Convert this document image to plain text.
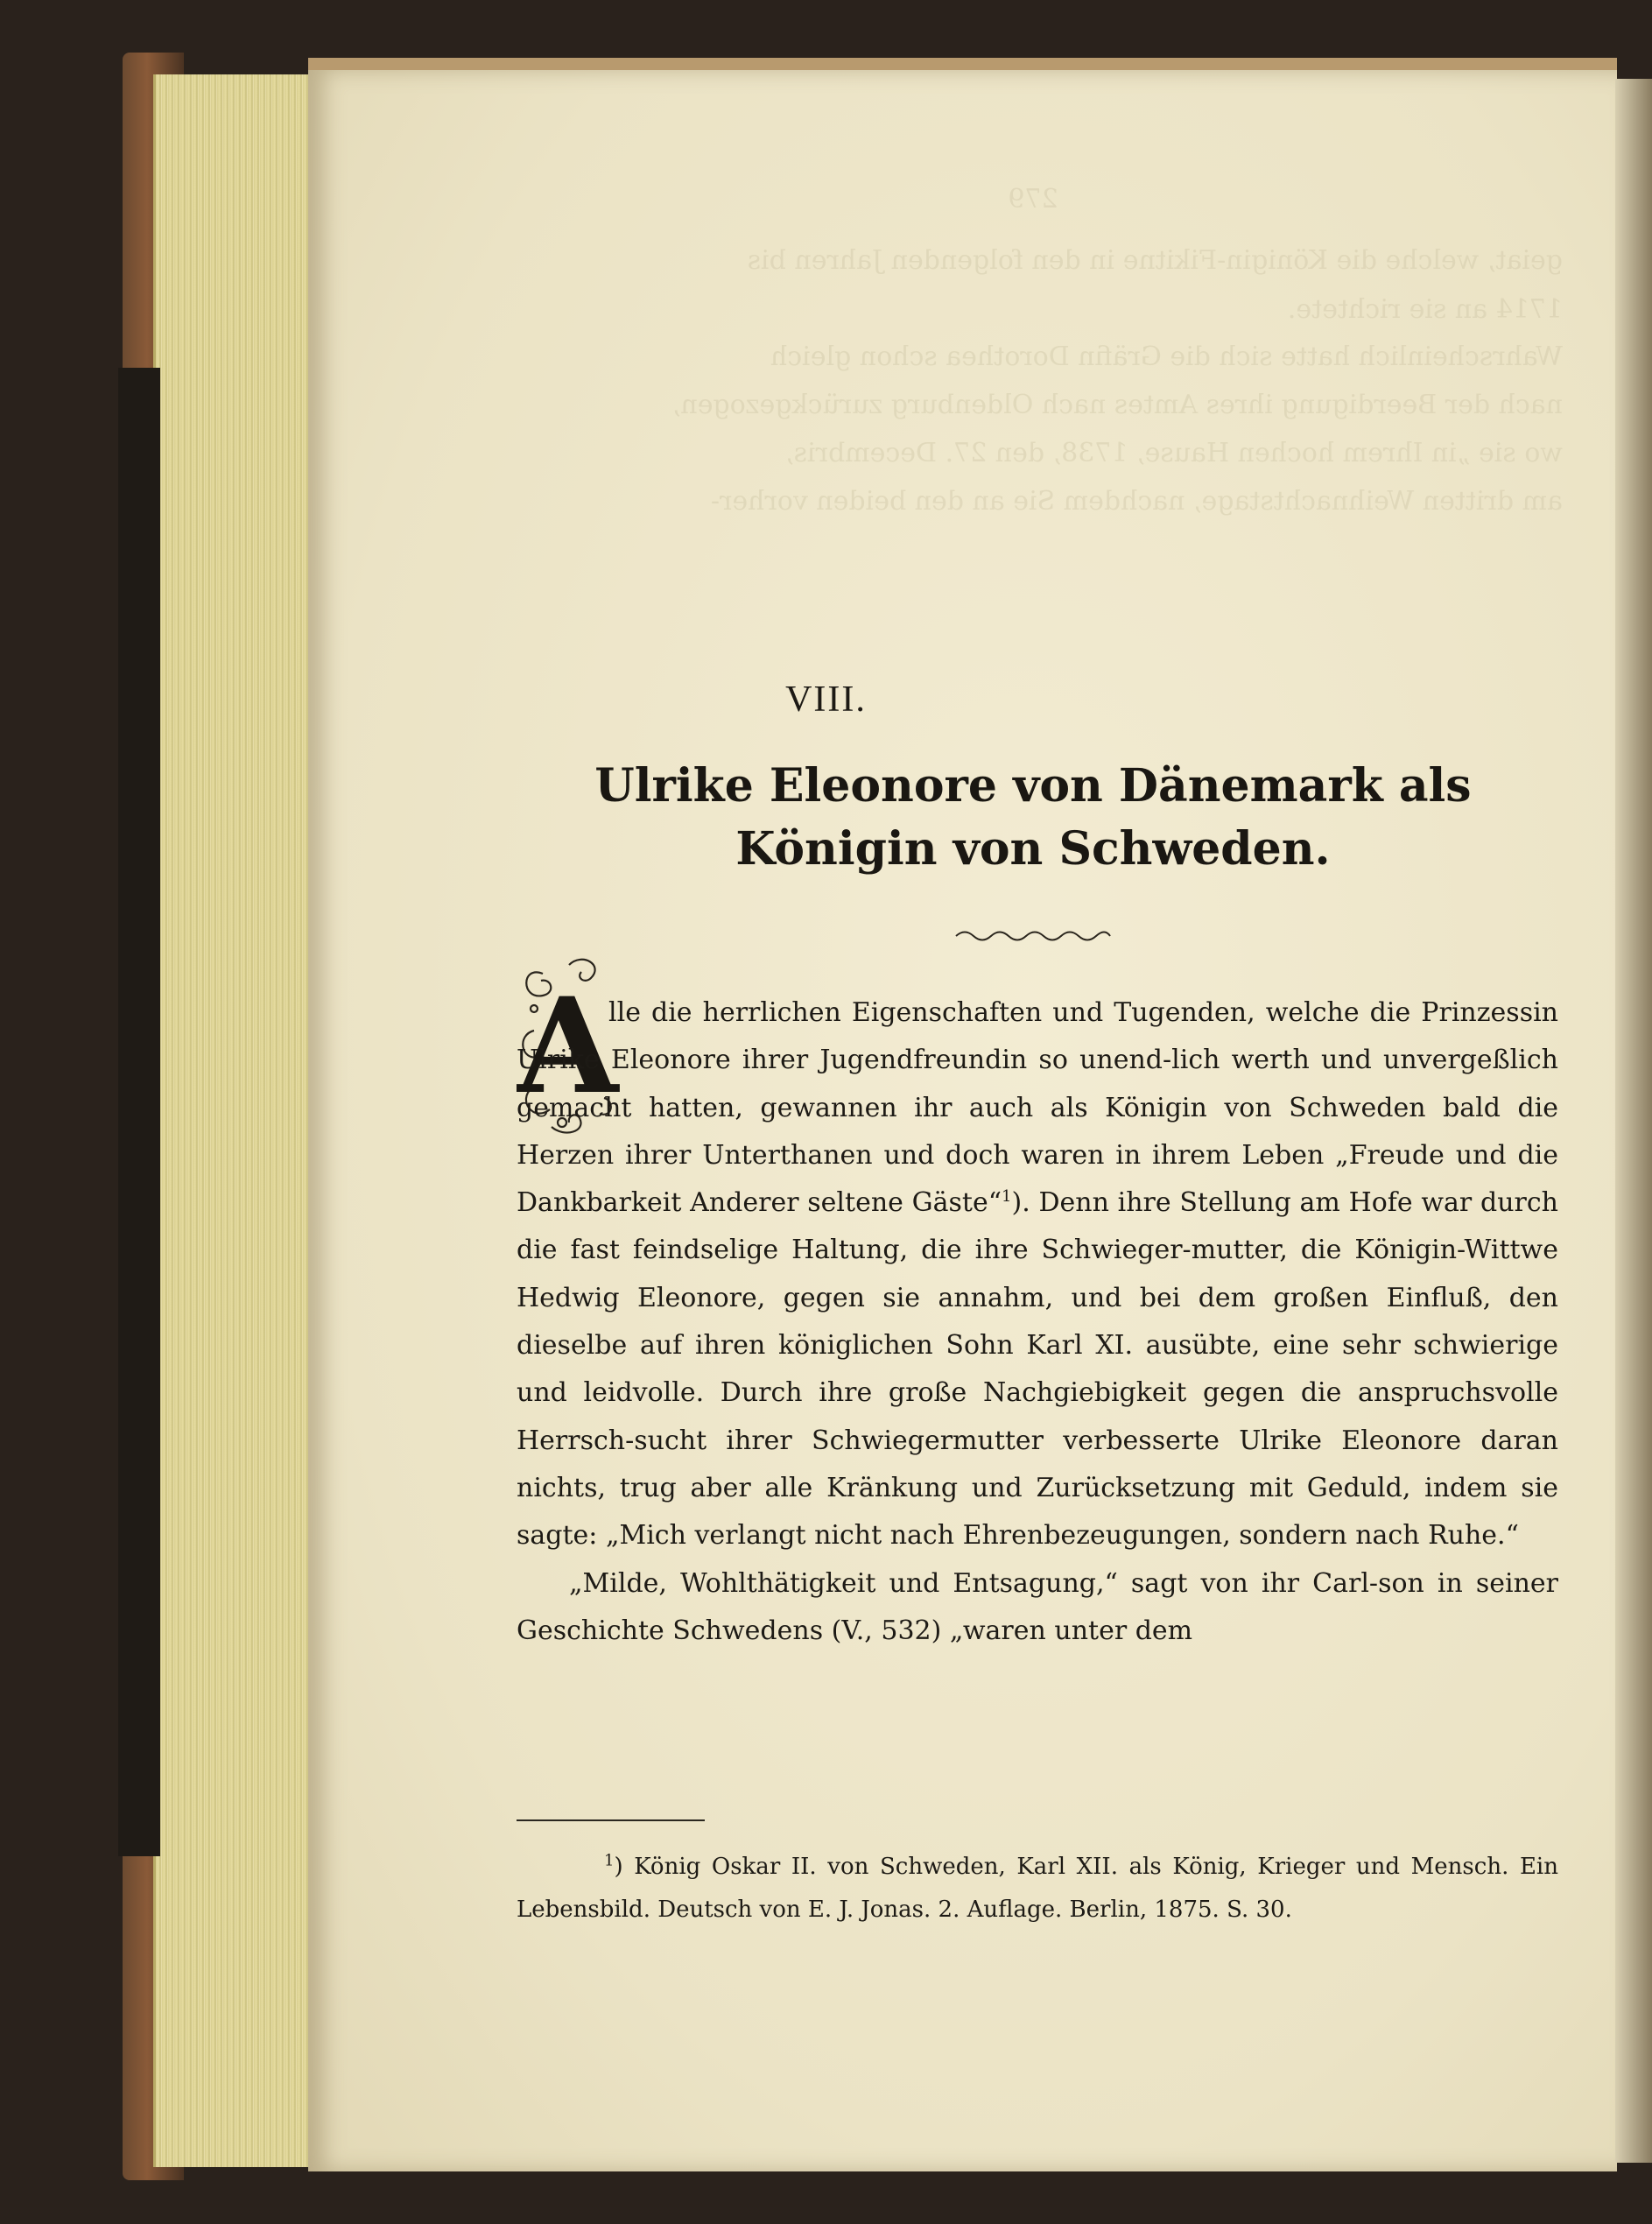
279
geiat, welche die Königin-Fikitne in den folgenden Jahren bis
1714 an sie richtete.
Wahrscheinlich hatte sich die Gräfin Dorothea schon gleich
nach der Beerdigung ihres Amtes nach Oldenburg zurückgezogen,
wo sie „in Ihrem hochen Hause, 1738, den 27. Decembris,
am dritten Weihnachtstage, nachdem Sie an den beiden vorher-
VIII.
Ulrike Eleonore von Dänemark als Königin von Schweden.
A

lle die herrlichen Eigenschaften und Tugenden, welche die Prinzessin Ulrike Eleonore ihrer Jugendfreundin so unend-lich werth und unvergeßlich gemacht hatten, gewannen ihr auch als Königin von Schweden bald die Herzen ihrer Unterthanen und doch waren in ihrem Leben „Freude und die Dankbarkeit Anderer seltene Gäste“$^1$). Denn ihre Stellung am Hofe war durch die fast feindselige Haltung, die ihre Schwieger-mutter, die Königin-Wittwe Hedwig Eleonore, gegen sie annahm, und bei dem großen Einfluß, den dieselbe auf ihren königlichen Sohn Karl XI. ausübte, eine sehr schwierige und leidvolle. Durch ihre große Nachgiebigkeit gegen die anspruchsvolle Herrsch-sucht ihrer Schwiegermutter verbesserte Ulrike Eleonore daran nichts, trug aber alle Kränkung und Zurücksetzung mit Geduld, indem sie sagte: „Mich verlangt nicht nach Ehrenbezeugungen, sondern nach Ruhe.“

„Milde, Wohlthätigkeit und Entsagung,“ sagt von ihr Carl-son in seiner Geschichte Schwedens (V., 532) „waren unter dem

$^1$) König Oskar II. von Schweden, Karl XII. als König, Krieger und Mensch. Ein Lebensbild. Deutsch von E. J. Jonas. 2. Auflage. Berlin, 1875. S. 30.
